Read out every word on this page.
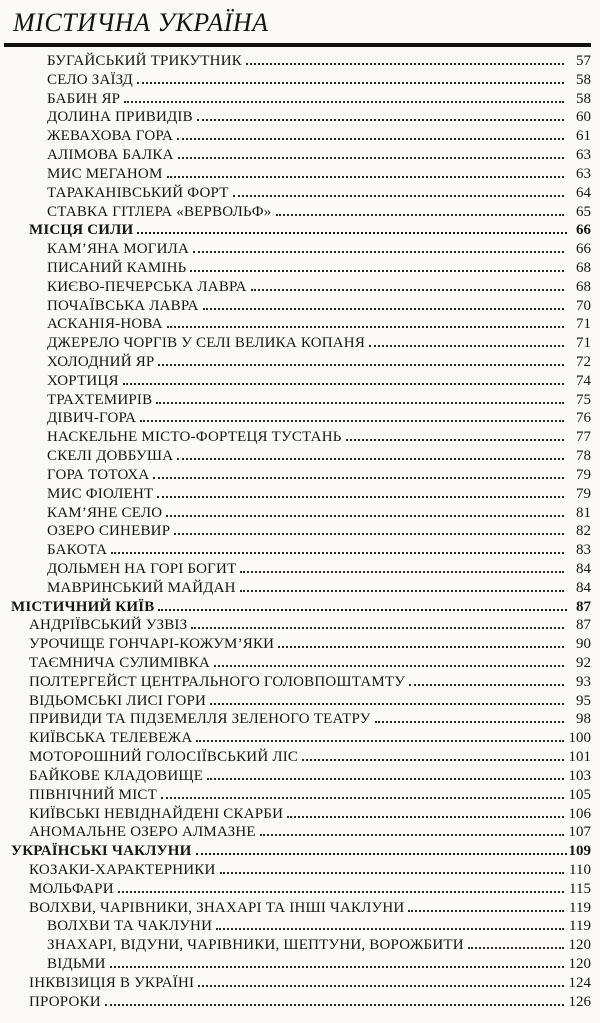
МІСТИЧНА УКРАЇНА
БУГАЙСЬКИЙ ТРИКУТНИК	57
СЕЛО ЗАЇЗД	58
БАБИН ЯР	58
ДОЛИНА ПРИВИДІВ	60
ЖЕВАХОВА ГОРА	61
АЛІМОВА БАЛКА	63
МИС МЕГАНОМ	63
ТАРАКАНІВСЬКИЙ ФОРТ	64
СТАВКА ГІТЛЕРА «ВЕРВОЛЬФ»	65
МІСЦЯ СИЛИ	66
КАМ’ЯНА МОГИЛА	66
ПИСАНИЙ КАМІНЬ	68
КИЄВО-ПЕЧЕРСЬКА ЛАВРА	68
ПОЧАЇВСЬКА ЛАВРА	70
АСКАНІЯ-НОВА	71
ДЖЕРЕЛО ЧОРГІВ У СЕЛІ ВЕЛИКА КОПАНЯ	71
ХОЛОДНИЙ ЯР	72
ХОРТИЦЯ	74
ТРАХТЕМИРІВ	75
ДІВИЧ-ГОРА	76
НАСКЕЛЬНЕ МІСТО-ФОРТЕЦЯ ТУСТАНЬ	77
СКЕЛІ ДОВБУША	78
ГОРА ТОТОХА	79
МИС ФІОЛЕНТ	79
КАМ’ЯНЕ СЕЛО	81
ОЗЕРО СИНЕВИР	82
БАКОТА	83
ДОЛЬМЕН НА ГОРІ БОГИТ	84
МАВРИНСЬКИЙ МАЙДАН	84
МІСТИЧНИЙ КИЇВ	87
АНДРІЇВСЬКИЙ УЗВІЗ	87
УРОЧИЩЕ ГОНЧАРІ-КОЖУМ’ЯКИ	90
ТАЄМНИЧА СУЛИМІВКА	92
ПОЛТЕРГЕЙСТ ЦЕНТРАЛЬНОГО ГОЛОВПОШТАМТУ	93
ВІДЬОМСЬКІ ЛИСІ ГОРИ	95
ПРИВИДИ ТА ПІДЗЕМЕЛЛЯ ЗЕЛЕНОГО ТЕАТРУ	98
КИЇВСЬКА ТЕЛЕВЕЖА	100
МОТОРОШНИЙ ГОЛОСІЇВСЬКИЙ ЛІС	101
БАЙКОВЕ КЛАДОВИЩЕ	103
ПІВНІЧНИЙ МІСТ	105
КИЇВСЬКІ НЕВІДНАЙДЕНІ СКАРБИ	106
АНОМАЛЬНЕ ОЗЕРО АЛМАЗНЕ	107
УКРАЇНСЬКІ ЧАКЛУНИ	109
КОЗАКИ-ХАРАКТЕРНИКИ	110
МОЛЬФАРИ	115
ВОЛХВИ, ЧАРІВНИКИ, ЗНАХАРІ ТА ІНШІ ЧАКЛУНИ	119
ВОЛХВИ ТА ЧАКЛУНИ	119
ЗНАХАРІ, ВІДУНИ, ЧАРІВНИКИ, ШЕПТУНИ, ВОРОЖБИТИ	120
ВІДЬМИ	120
ІНКВІЗИЦІЯ В УКРАЇНІ	124
ПРОРОКИ	126
